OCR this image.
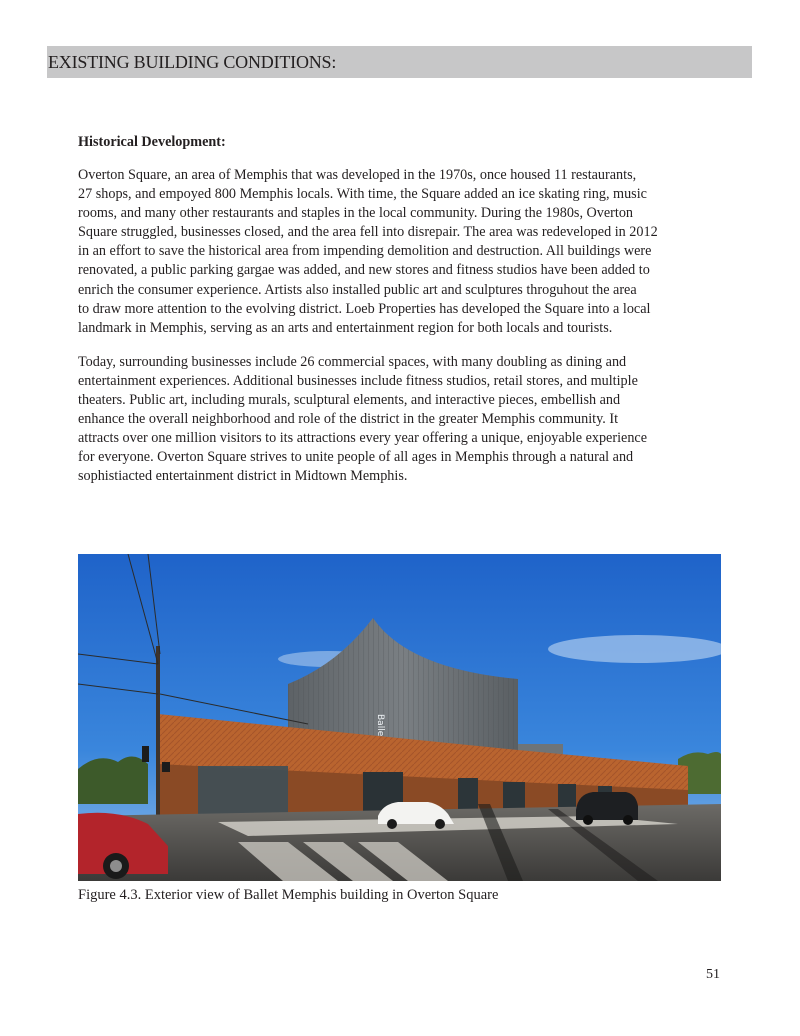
EXISTING BUILDING CONDITIONS:
Historical Development:
Overton Square, an area of Memphis that was developed in the 1970s, once housed 11 restaurants,
27 shops, and empoyed 800 Memphis locals. With time, the Square added an ice skating ring, music
rooms, and many other restaurants and staples in the local community. During the 1980s, Overton
Square struggled, businesses closed, and the area fell into disrepair. The area was redeveloped in 2012
in an effort to save the historical area from impending demolition and destruction. All buildings were
renovated, a public parking gargae was added, and new stores and fitness studios have been added to
enrich the consumer experience. Artists also installed public art and sculptures throguhout the area
to draw more attention to the evolving district. Loeb Properties has developed the Square into a local
landmark in Memphis, serving as an arts and entertainment region for both locals and tourists.
Today, surrounding businesses include 26 commercial spaces, with many doubling as dining and
entertainment experiences. Additional businesses include fitness studios, retail stores, and multiple
theaters. Public art, including murals, sculptural elements, and interactive pieces, embellish and
enhance the overall neighborhood and role of the district in the greater Memphis community. It
attracts over one million visitors to its attractions every year offering a unique, enjoyable experience
for everyone. Overton Square strives to unite people of all ages in Memphis through a natural and
sophistiacted entertainment district in Midtown Memphis.
Figure 4.3. Exterior view of Ballet Memphis building in Overton Square
51
